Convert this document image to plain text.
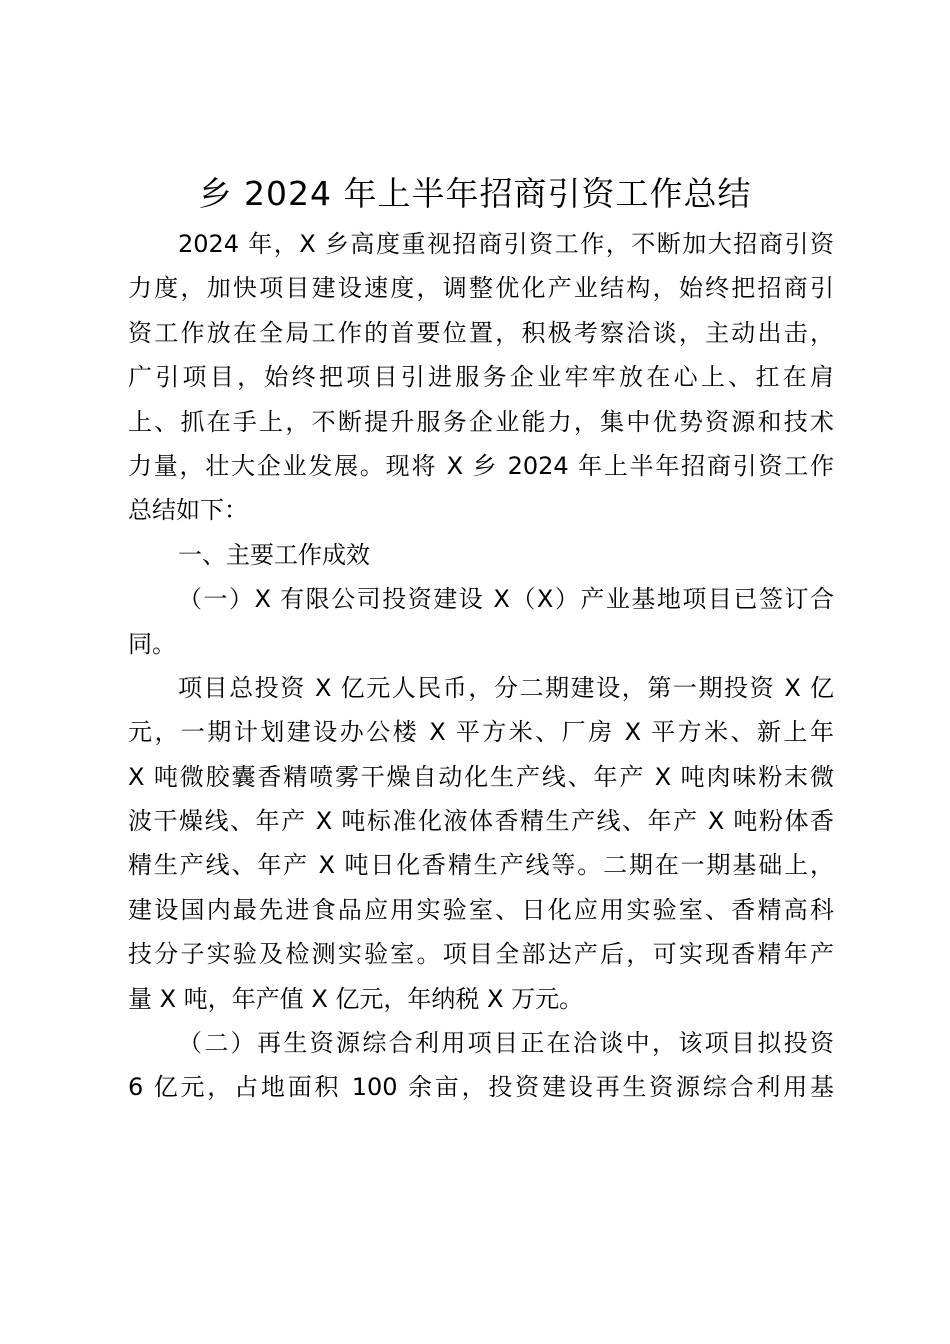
乡 2024 年上半年招商引资工作总结
2024 年，X 乡高度重视招商引资工作，不断加大招商引资
力度，加快项目建设速度，调整优化产业结构，始终把招商引
资工作放在全局工作的首要位置，积极考察洽谈，主动出击，
广引项目，始终把项目引进服务企业牢牢放在心上、扛在肩
上、抓在手上，不断提升服务企业能力，集中优势资源和技术
力量，壮大企业发展。现将 X 乡 2024 年上半年招商引资工作
总结如下：
一、主要工作成效
（一）X 有限公司投资建设 X（X）产业基地项目已签订合
同。
项目总投资 X 亿元人民币，分二期建设，第一期投资 X 亿
元，一期计划建设办公楼 X 平方米、厂房 X 平方米、新上年
X 吨微胶囊香精喷雾干燥自动化生产线、年产 X 吨肉味粉末微
波干燥线、年产 X 吨标准化液体香精生产线、年产 X 吨粉体香
精生产线、年产 X 吨日化香精生产线等。二期在一期基础上，
建设国内最先进食品应用实验室、日化应用实验室、香精高科
技分子实验及检测实验室。项目全部达产后，可实现香精年产
量 X 吨，年产值 X 亿元，年纳税 X 万元。
（二）再生资源综合利用项目正在洽谈中，该项目拟投资
6 亿元，占地面积 100 余亩，投资建设再生资源综合利用基
